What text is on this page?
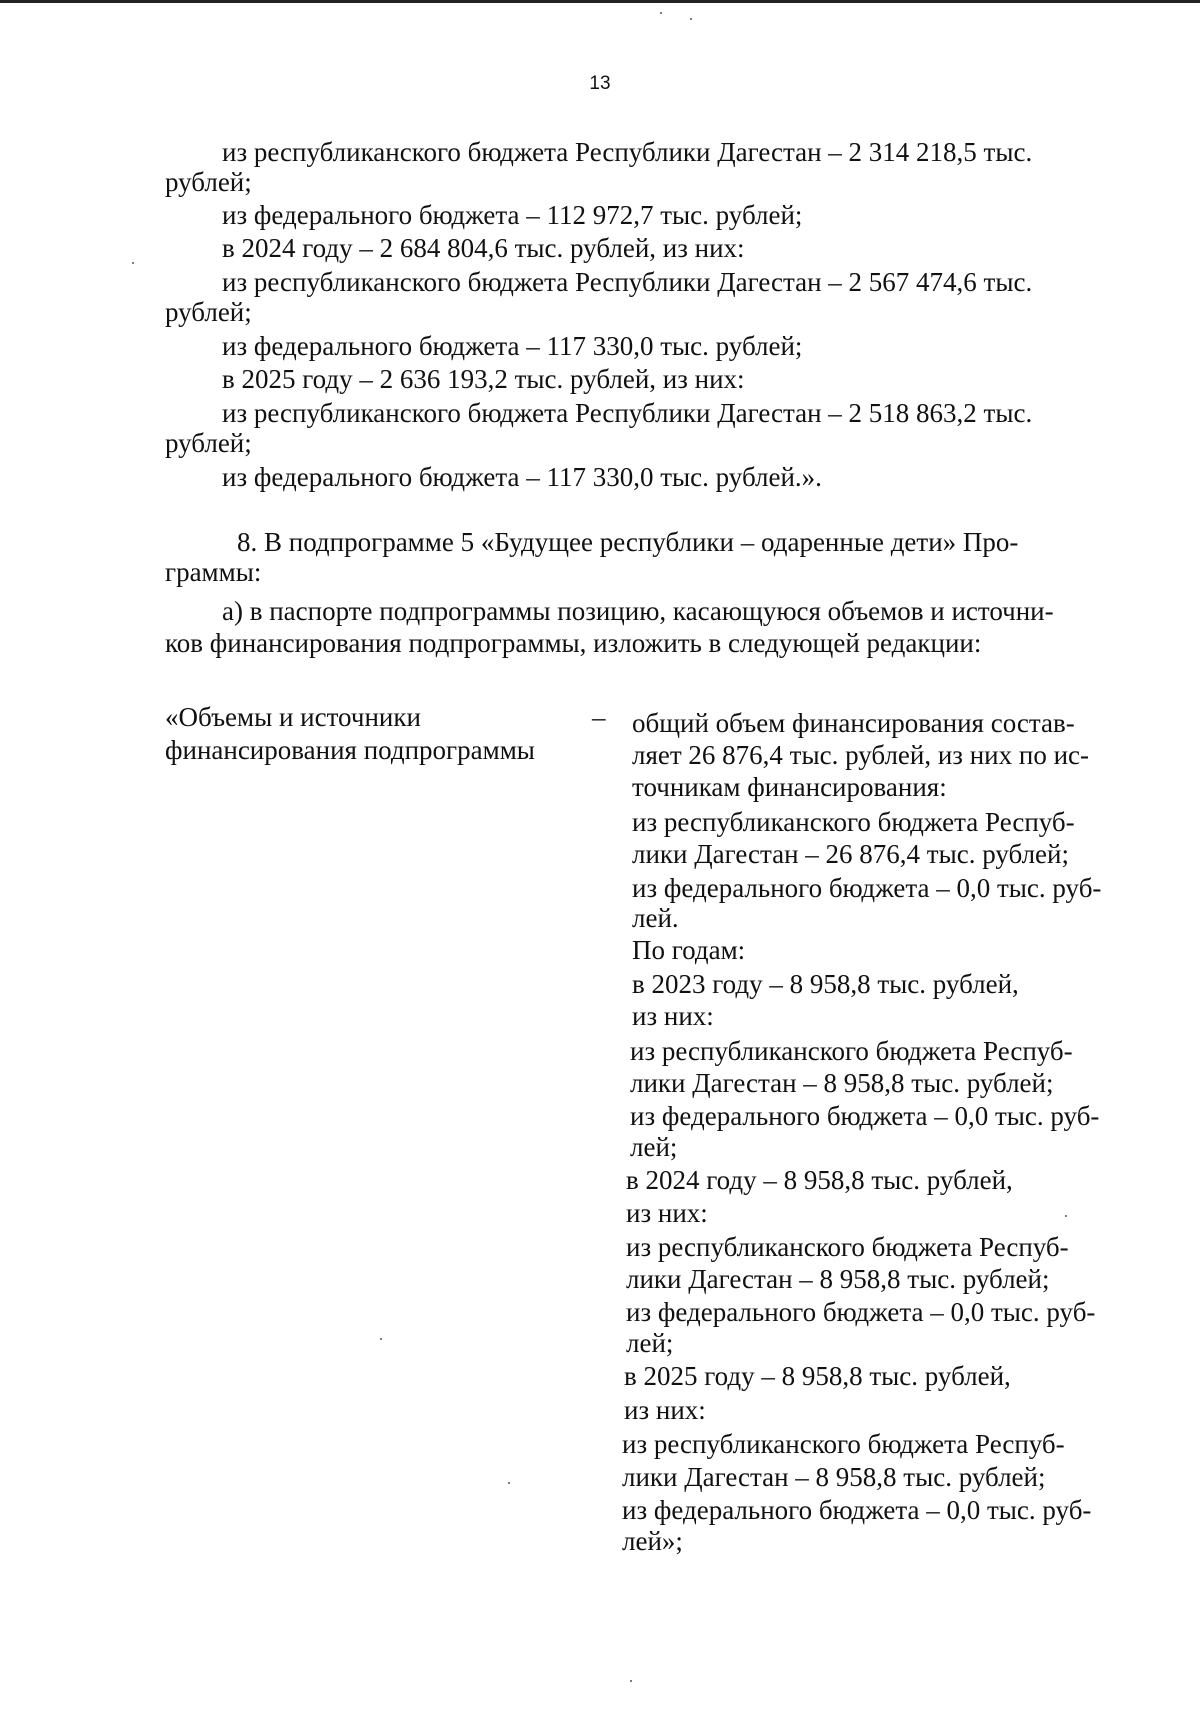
13
из республиканского бюджета Республики Дагестан – 2 314 218,5 тыс.
рублей;
из федерального бюджета – 112 972,7 тыс. рублей;
в 2024 году – 2 684 804,6 тыс. рублей, из них:
из республиканского бюджета Республики Дагестан – 2 567 474,6 тыс.
рублей;
из федерального бюджета – 117 330,0 тыс. рублей;
в 2025 году – 2 636 193,2 тыс. рублей, из них:
из республиканского бюджета Республики Дагестан – 2 518 863,2 тыс.
рублей;
из федерального бюджета – 117 330,0 тыс. рублей.».
8. В подпрограмме 5 «Будущее республики – одаренные дети» Про-
граммы:
а) в паспорте подпрограммы позицию, касающуюся объемов и источни-
ков финансирования подпрограммы, изложить в следующей редакции:
«Объемы и источники
финансирования подпрограммы
– общий объем финансирования состав-
ляет 26 876,4 тыс. рублей, из них по ис-
точникам финансирования:
из республиканского бюджета Респуб-
лики Дагестан – 26 876,4 тыс. рублей;
из федерального бюджета – 0,0 тыс. руб-
лей.
По годам:
в 2023 году – 8 958,8 тыс. рублей,
из них:
из республиканского бюджета Респуб-
лики Дагестан – 8 958,8 тыс. рублей;
из федерального бюджета – 0,0 тыс. руб-
лей;
в 2024 году – 8 958,8 тыс. рублей,
из них:
из республиканского бюджета Респуб-
лики Дагестан – 8 958,8 тыс. рублей;
из федерального бюджета – 0,0 тыс. руб-
лей;
в 2025 году – 8 958,8 тыс. рублей,
из них:
из республиканского бюджета Респуб-
лики Дагестан – 8 958,8 тыс. рублей;
из федерального бюджета – 0,0 тыс. руб-
лей»;
